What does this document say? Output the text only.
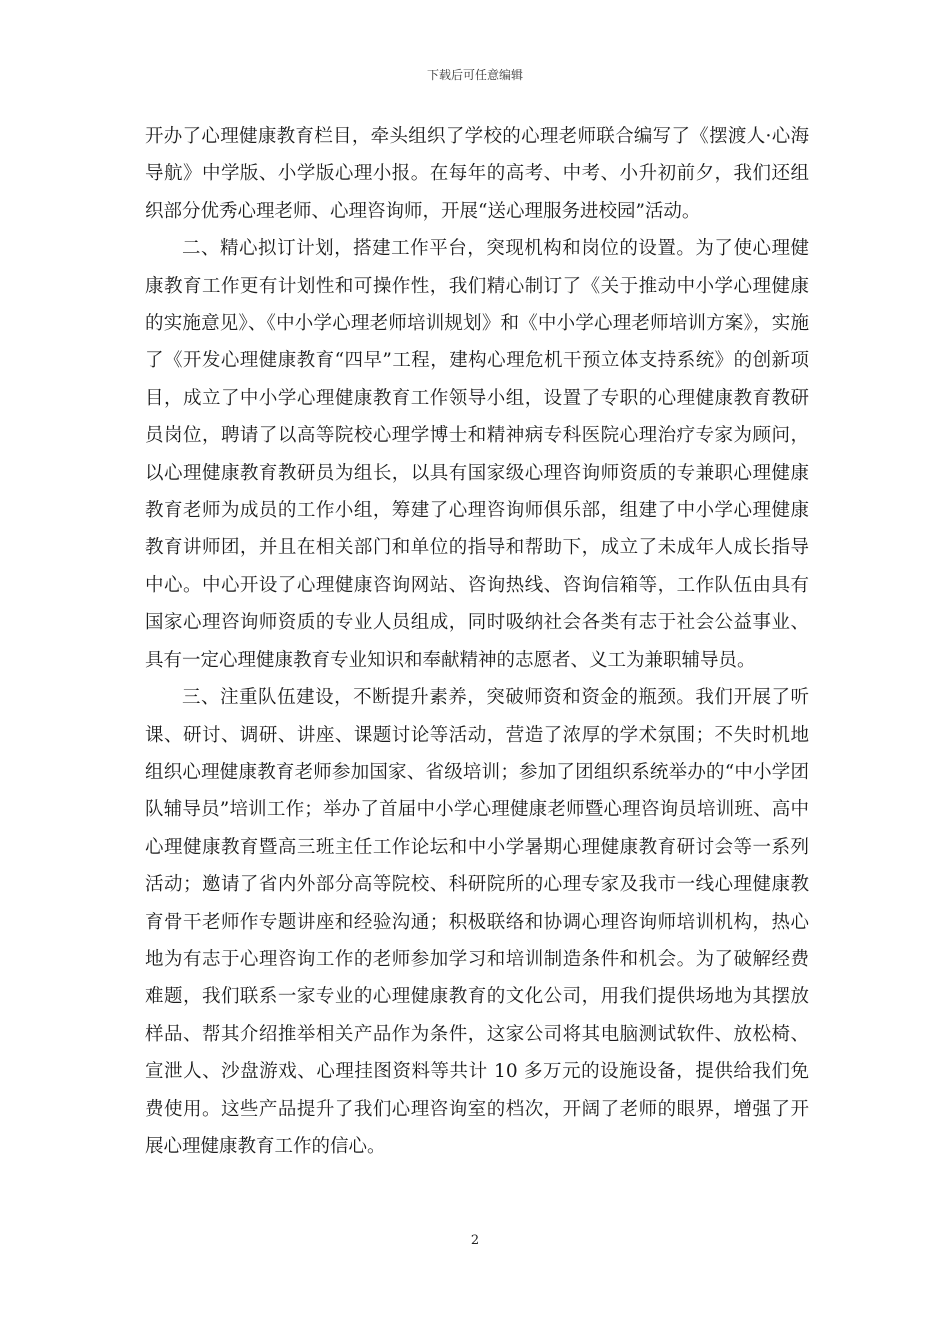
下载后可任意编辑

开办了心理健康教育栏目，牵头组织了学校的心理老师联合编写了《摆渡人·心海导航》中学版、小学版心理小报。在每年的高考、中考、小升初前夕，我们还组织部分优秀心理老师、心理咨询师，开展“送心理服务进校园”活动。

二、精心拟订计划，搭建工作平台，突现机构和岗位的设置。为了使心理健康教育工作更有计划性和可操作性，我们精心制订了《关于推动中小学心理健康的实施意见》、《中小学心理老师培训规划》和《中小学心理老师培训方案》，实施了《开发心理健康教育“四早”工程，建构心理危机干预立体支持系统》的创新项目，成立了中小学心理健康教育工作领导小组，设置了专职的心理健康教育教研员岗位，聘请了以高等院校心理学博士和精神病专科医院心理治疗专家为顾问，以心理健康教育教研员为组长，以具有国家级心理咨询师资质的专兼职心理健康教育老师为成员的工作小组，筹建了心理咨询师俱乐部，组建了中小学心理健康教育讲师团，并且在相关部门和单位的指导和帮助下，成立了未成年人成长指导中心。中心开设了心理健康咨询网站、咨询热线、咨询信箱等，工作队伍由具有国家心理咨询师资质的专业人员组成，同时吸纳社会各类有志于社会公益事业、具有一定心理健康教育专业知识和奉献精神的志愿者、义工为兼职辅导员。

三、注重队伍建设，不断提升素养，突破师资和资金的瓶颈。我们开展了听课、研讨、调研、讲座、课题讨论等活动，营造了浓厚的学术氛围；不失时机地组织心理健康教育老师参加国家、省级培训；参加了团组织系统举办的“中小学团队辅导员”培训工作；举办了首届中小学心理健康老师暨心理咨询员培训班、高中心理健康教育暨高三班主任工作论坛和中小学暑期心理健康教育研讨会等一系列活动；邀请了省内外部分高等院校、科研院所的心理专家及我市一线心理健康教育骨干老师作专题讲座和经验沟通；积极联络和协调心理咨询师培训机构，热心地为有志于心理咨询工作的老师参加学习和培训制造条件和机会。为了破解经费难题，我们联系一家专业的心理健康教育的文化公司，用我们提供场地为其摆放样品、帮其介绍推举相关产品作为条件，这家公司将其电脑测试软件、放松椅、宣泄人、沙盘游戏、心理挂图资料等共计 10 多万元的设施设备，提供给我们免费使用。这些产品提升了我们心理咨询室的档次，开阔了老师的眼界，增强了开展心理健康教育工作的信心。

2
